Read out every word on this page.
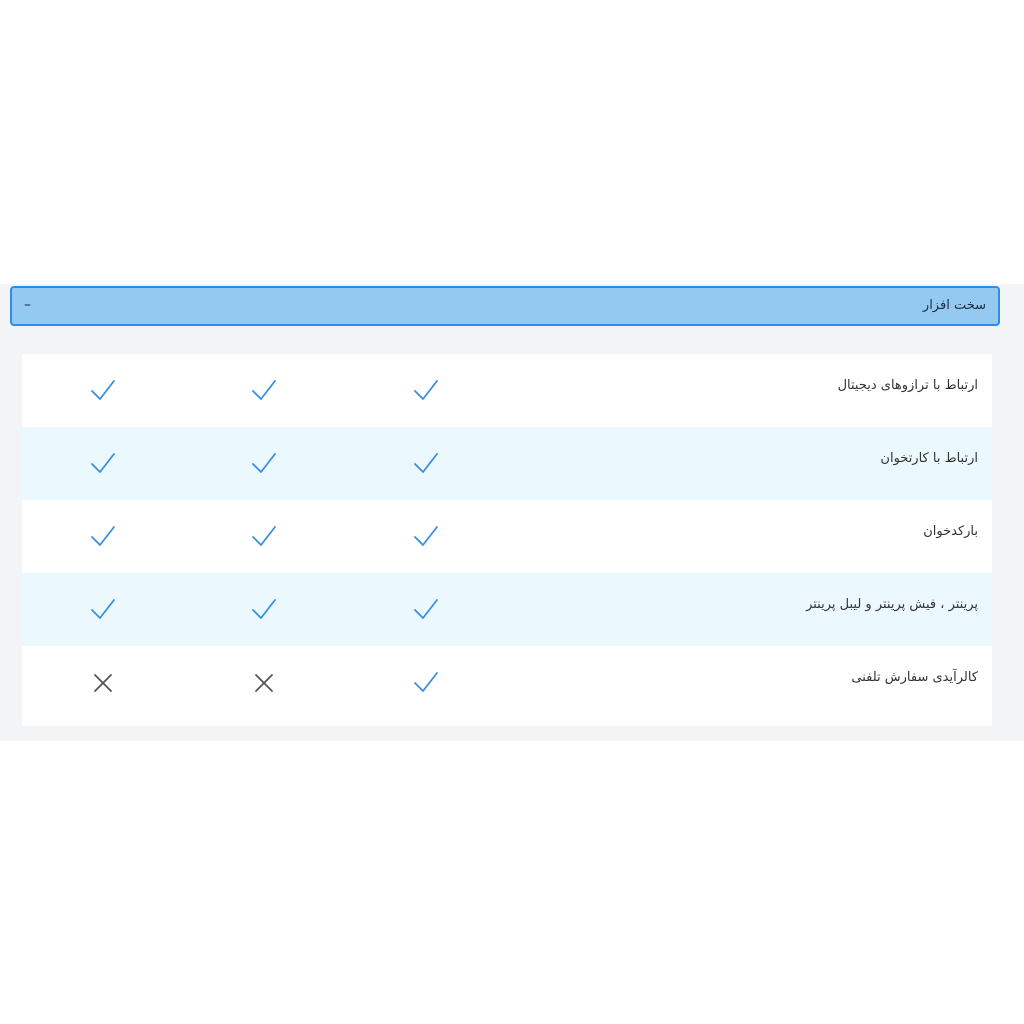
سخت افزار
–
ارتباط با ترازوهای دیجیتال
ارتباط با کارتخوان
بارکدخوان
پرینتر ، فیش پرینتر و لیبل پرینتر
کالرآیدی سفارش تلفنی
